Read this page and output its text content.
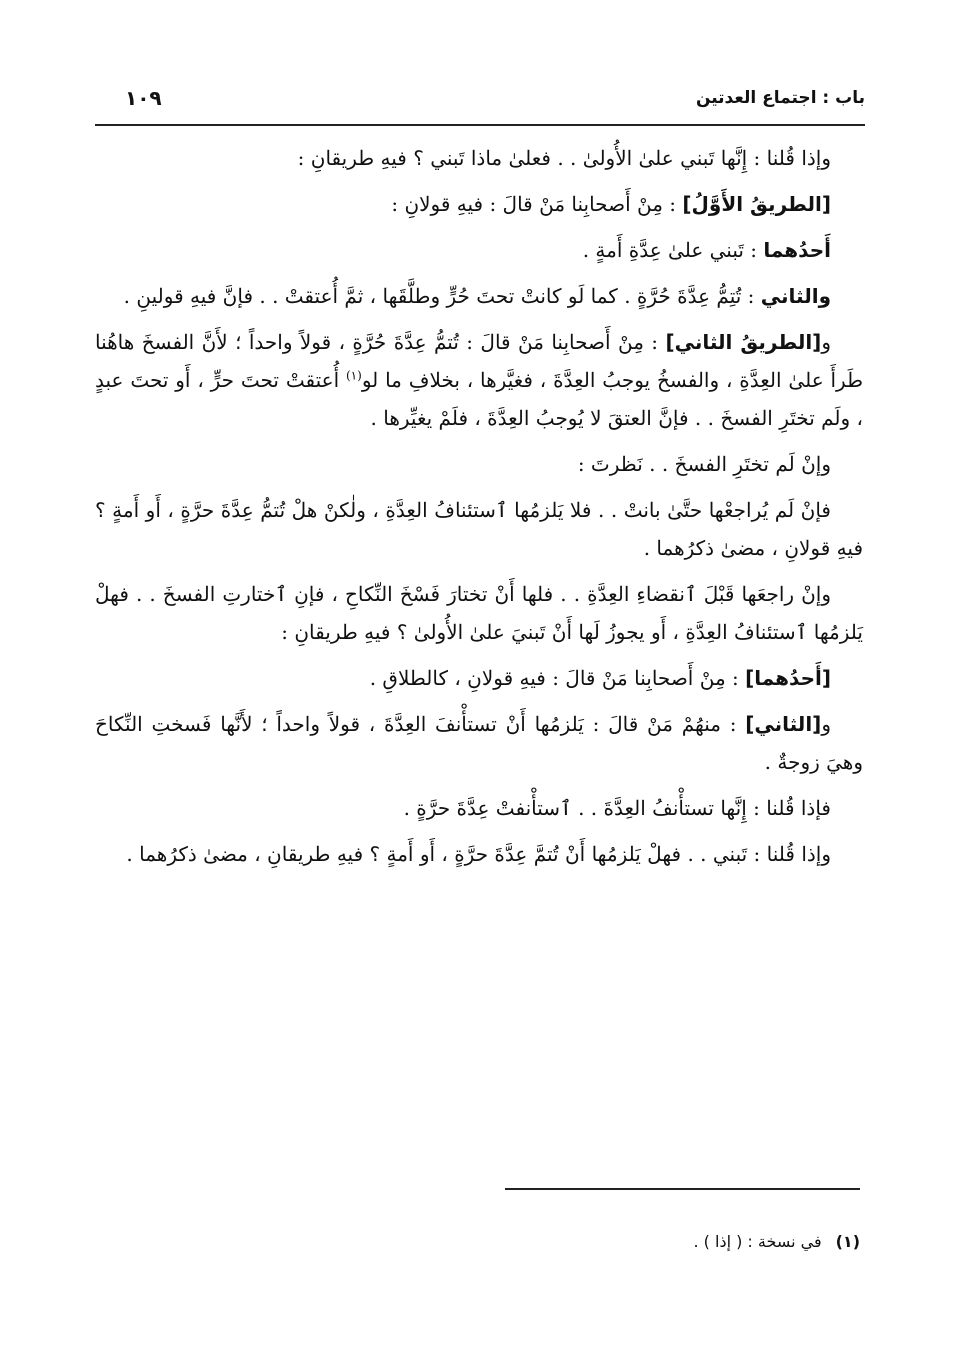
باب : اجتماع العدتين
١٠٩

وإذا قُلنا : إِنَّها تَبني علىٰ الأُولىٰ . . فعلىٰ ماذا تَبني ؟ فيهِ طريقانِ :

[الطريقُ الأَوَّلُ] : مِنْ أَصحابِنا مَنْ قالَ : فيهِ قولانِ :

أَحدُهما : تَبني علىٰ عِدَّةِ أَمةٍ .

والثاني : تُتِمُّ عِدَّةَ حُرَّةٍ . كما لَو كانتْ تحتَ حُرٍّ وطلَّقَها ، ثمَّ أُعتقتْ . . فإنَّ فيهِ قولينِ .

و[الطريقُ الثاني] : مِنْ أَصحابِنا مَنْ قالَ : تُتمُّ عِدَّةَ حُرَّةٍ ، قولاً واحداً ؛ لأَنَّ الفسخَ هاهُنا طَرأَ علىٰ العِدَّةِ ، والفسخُ يوجبُ العِدَّةَ ، فغيَّرها ، بخلافِ ما لو$^{(١)}$ أُعتقتْ تحتَ حرٍّ ، أَو تحتَ عبدٍ ، ولَم تختَرِ الفسخَ . . فإنَّ العتقَ لا يُوجبُ العِدَّةَ ، فلَمْ يغيِّرها .

وإنْ لَم تختَرِ الفسخَ . . نَظرتَ :

فإنْ لَم يُراجعْها حتَّىٰ بانتْ . . فلا يَلزمُها ٱستئنافُ العِدَّةِ ، ولٰكنْ هلْ تُتمُّ عِدَّةَ حرَّةٍ ، أَو أَمةٍ ؟ فيهِ قولانِ ، مضىٰ ذكرُهما .

وإنْ راجعَها قَبْلَ ٱنقضاءِ العِدَّةِ . . فلها أَنْ تختارَ فَسْخَ النِّكاحِ ، فإنِ ٱختارتِ الفسخَ . . فهلْ يَلزمُها ٱستئنافُ العِدَّةِ ، أَو يجوزُ لَها أَنْ تَبنيَ علىٰ الأُولىٰ ؟ فيهِ طريقانِ :

[أَحدُهما] : مِنْ أَصحابِنا مَنْ قالَ : فيهِ قولانِ ، كالطلاقِ .

و[الثاني] : منهُمْ مَنْ قالَ : يَلزمُها أَنْ تستأْنفَ العِدَّةَ ، قولاً واحداً ؛ لأَنَّها فَسختِ النِّكاحَ وهيَ زوجةٌ .

فإذا قُلنا : إِنَّها تستأْنفُ العِدَّةَ . . ٱستأْنفتْ عِدَّةَ حرَّةٍ .

وإذا قُلنا : تَبني . . فهلْ يَلزمُها أَنْ تُتمَّ عِدَّةَ حرَّةٍ ، أَو أَمةٍ ؟ فيهِ طريقانِ ، مضىٰ ذكرُهما .

(١)في نسخة : ( إذا ) .
